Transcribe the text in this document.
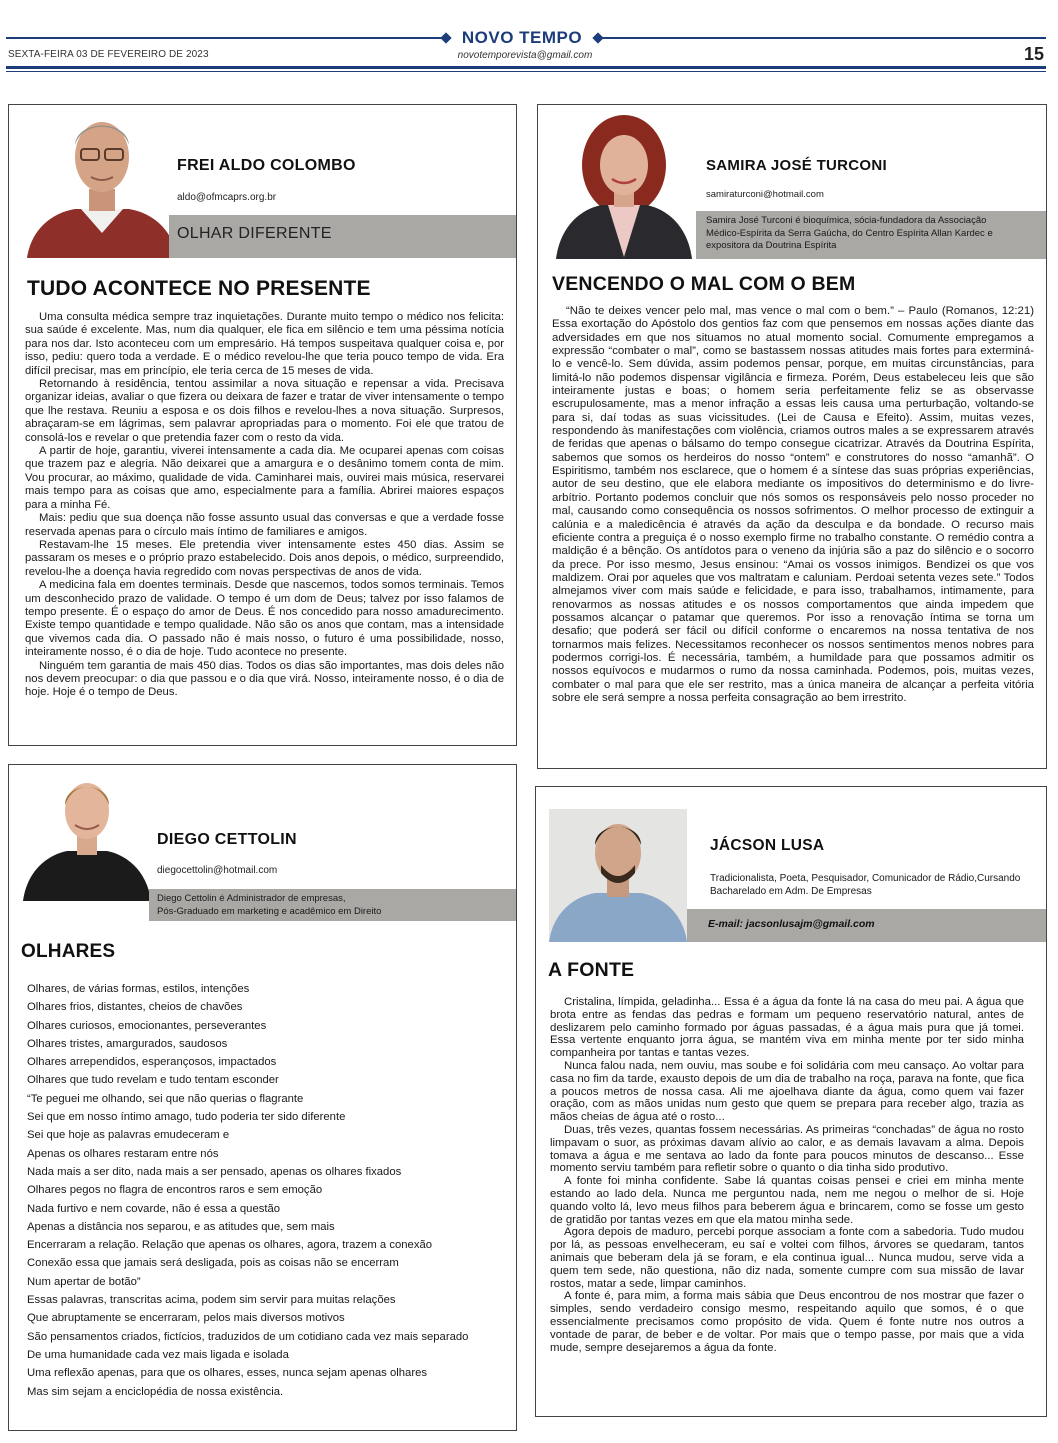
NOVO TEMPO
novotemporevista@gmail.com
SEXTA-FEIRA 03 DE FEVEREIRO DE 2023	15
FREI ALDO COLOMBO
aldo@ofmcaprs.org.br
OLHAR DIFERENTE
TUDO ACONTECE NO PRESENTE

Uma consulta médica sempre traz inquietações. Durante muito tempo o médico nos felicita: sua saúde é excelente. Mas, num dia qualquer, ele fica em silêncio e tem uma péssima notícia para nos dar. Isto aconteceu com um empresário. Há tempos suspeitava qualquer coisa e, por isso, pediu: quero toda a verdade. E o médico revelou-lhe que teria pouco tempo de vida. Era difícil precisar, mas em princípio, ele teria cerca de 15 meses de vida.

Retornando à residência, tentou assimilar a nova situação e repensar a vida. Precisava organizar ideias, avaliar o que fizera ou deixara de fazer e tratar de viver intensamente o tempo que lhe restava. Reuniu a esposa e os dois filhos e revelou-lhes a nova situação. Surpresos, abraçaram-se em lágrimas, sem palavrar apropriadas para o momento. Foi ele que tratou de consolá-los e revelar o que pretendia fazer com o resto da vida.

A partir de hoje, garantiu, viverei intensamente a cada dia. Me ocuparei apenas com coisas que trazem paz e alegria. Não deixarei que a amargura e o desânimo tomem conta de mim. Vou procurar, ao máximo, qualidade de vida. Caminharei mais, ouvirei mais música, reservarei mais tempo para as coisas que amo, especialmente para a família. Abrirei maiores espaços para a minha Fé.

Mais: pediu que sua doença não fosse assunto usual das conversas e que a verdade fosse reservada apenas para o círculo mais íntimo de familiares e amigos.

Restavam-lhe 15 meses. Ele pretendia viver intensamente estes 450 dias. Assim se passaram os meses e o próprio prazo estabelecido. Dois anos depois, o médico, surpreendido, revelou-lhe a doença havia regredido com novas perspectivas de anos de vida.

A medicina fala em doentes terminais. Desde que nascemos, todos somos terminais. Temos um desconhecido prazo de validade. O tempo é um dom de Deus; talvez por isso falamos de tempo presente. É o espaço do amor de Deus. É nos concedido para nosso amadurecimento. Existe tempo quantidade e tempo qualidade. Não são os anos que contam, mas a intensidade que vivemos cada dia. O passado não é mais nosso, o futuro é uma possibilidade, nosso, inteiramente nosso, é o dia de hoje. Tudo acontece no presente.

Ninguém tem garantia de mais 450 dias. Todos os dias são importantes, mas dois deles não nos devem preocupar: o dia que passou e o dia que virá. Nosso, inteiramente nosso, é o dia de hoje. Hoje é o tempo de Deus.

SAMIRA JOSÉ TURCONI
samiraturconi@hotmail.com
Samira José Turconi é bioquímica, sócia-fundadora da Associação Médico-Espírita da Serra Gaúcha, do Centro Espírita Allan Kardec e expositora da Doutrina Espírita
VENCENDO O MAL COM O BEM

“Não te deixes vencer pelo mal, mas vence o mal com o bem.” – Paulo (Romanos, 12:21) Essa exortação do Apóstolo dos gentios faz com que pensemos em nossas ações diante das adversidades em que nos situamos no atual momento social. Comumente empregamos a expressão “combater o mal”, como se bastassem nossas atitudes mais fortes para exterminá-lo e vencê-lo. Sem dúvida, assim podemos pensar, porque, em muitas circunstâncias, para limitá-lo não podemos dispensar vigilância e firmeza. Porém, Deus estabeleceu leis que são inteiramente justas e boas; o homem seria perfeitamente feliz se as observasse escrupulosamente, mas a menor infração a essas leis causa uma perturbação, voltando-se para si, daí todas as suas vicissitudes. (Lei de Causa e Efeito). Assim, muitas vezes, respondendo às manifestações com violência, criamos outros males a se expressarem através de feridas que apenas o bálsamo do tempo consegue cicatrizar. Através da Doutrina Espírita, sabemos que somos os herdeiros do nosso “ontem” e construtores do nosso “amanhã”. O Espiritismo, também nos esclarece, que o homem é a síntese das suas próprias experiências, autor de seu destino, que ele elabora mediante os impositivos do determinismo e do livre-arbítrio. Portanto podemos concluir que nós somos os responsáveis pelo nosso proceder no mal, causando como consequência os nossos sofrimentos. O melhor processo de extinguir a calúnia e a maledicência é através da ação da desculpa e da bondade. O recurso mais eficiente contra a preguiça é o nosso exemplo firme no trabalho constante. O remédio contra a maldição é a bênção. Os antídotos para o veneno da injúria são a paz do silêncio e o socorro da prece. Por isso mesmo, Jesus ensinou: “Amai os vossos inimigos. Bendizei os que vos maldizem. Orai por aqueles que vos maltratam e caluniam. Perdoai setenta vezes sete.” Todos almejamos viver com mais saúde e felicidade, e para isso, trabalhamos, intimamente, para renovarmos as nossas atitudes e os nossos comportamentos que ainda impedem que possamos alcançar o patamar que queremos. Por isso a renovação íntima se torna um desafio; que poderá ser fácil ou difícil conforme o encaremos na nossa tentativa de nos tornarmos mais felizes. Necessitamos reconhecer os nossos sentimentos menos nobres para podermos corrigi-los. É necessária, também, a humildade para que possamos admitir os nossos equívocos e mudarmos o rumo da nossa caminhada. Podemos, pois, muitas vezes, combater o mal para que ele ser restrito, mas a única maneira de alcançar a perfeita vitória sobre ele será sempre a nossa perfeita consagração ao bem irrestrito.

DIEGO CETTOLIN
diegocettolin@hotmail.com
Diego Cettolin é Administrador de empresas,
Pós-Graduado em marketing e acadêmico em Direito
OLHARES
Olhares, de várias formas, estilos, intenções
Olhares frios, distantes, cheios de chavões
Olhares curiosos, emocionantes, perseverantes
Olhares tristes, amargurados, saudosos
Olhares arrependidos, esperançosos, impactados
Olhares que tudo revelam e tudo tentam esconder
“Te peguei me olhando, sei que não querias o flagrante
Sei que em nosso íntimo amago, tudo poderia ter sido diferente
Sei que hoje as palavras emudeceram e
Apenas os olhares restaram entre nós
Nada mais a ser dito, nada mais a ser pensado, apenas os olhares fixados
Olhares pegos no flagra de encontros raros e sem emoção
Nada furtivo e nem covarde, não é essa a questão
Apenas a distância nos separou, e as atitudes que, sem mais
Encerraram a relação. Relação que apenas os olhares, agora, trazem a conexão
Conexão essa que jamais será desligada, pois as coisas não se encerram
Num apertar de botão”
Essas palavras, transcritas acima, podem sim servir para muitas relações
Que abruptamente se encerraram, pelos mais diversos motivos
São pensamentos criados, fictícios, traduzidos de um cotidiano cada vez mais separado
De uma humanidade cada vez mais ligada e isolada
Uma reflexão apenas, para que os olhares, esses, nunca sejam apenas olhares
Mas sim sejam a enciclopédia de nossa existência.
JÁCSON LUSA
Tradicionalista, Poeta, Pesquisador, Comunicador de Rádio,Cursando Bacharelado em Adm. De Empresas
E-mail: jacsonlusajm@gmail.com
A FONTE

Cristalina, límpida, geladinha... Essa é a água da fonte lá na casa do meu pai. A água que brota entre as fendas das pedras e formam um pequeno reservatório natural, antes de deslizarem pelo caminho formado por águas passadas, é a água mais pura que já tomei. Essa vertente enquanto jorra água, se mantém viva em minha mente por ter sido minha companheira por tantas e tantas vezes.

Nunca falou nada, nem ouviu, mas soube e foi solidária com meu cansaço. Ao voltar para casa no fim da tarde, exausto depois de um dia de trabalho na roça, parava na fonte, que fica a poucos metros de nossa casa. Ali me ajoelhava diante da água, como quem vai fazer oração, com as mãos unidas num gesto que quem se prepara para receber algo, trazia as mãos cheias de água até o rosto...

Duas, três vezes, quantas fossem necessárias. As primeiras “conchadas” de água no rosto limpavam o suor, as próximas davam alívio ao calor, e as demais lavavam a alma. Depois tomava a água e me sentava ao lado da fonte para poucos minutos de descanso... Esse momento serviu também para refletir sobre o quanto o dia tinha sido produtivo.

A fonte foi minha confidente. Sabe lá quantas coisas pensei e criei em minha mente estando ao lado dela. Nunca me perguntou nada, nem me negou o melhor de si. Hoje quando volto lá, levo meus filhos para beberem água e brincarem, como se fosse um gesto de gratidão por tantas vezes em que ela matou minha sede.

Agora depois de maduro, percebi porque associam a fonte com a sabedoria. Tudo mudou por lá, as pessoas envelheceram, eu saí e voltei com filhos, árvores se quedaram, tantos animais que beberam dela já se foram, e ela continua igual... Nunca mudou, serve vida a quem tem sede, não questiona, não diz nada, somente cumpre com sua missão de lavar rostos, matar a sede, limpar caminhos.

A fonte é, para mim, a forma mais sábia que Deus encontrou de nos mostrar que fazer o simples, sendo verdadeiro consigo mesmo, respeitando aquilo que somos, é o que essencialmente precisamos como propósito de vida. Quem é fonte nutre nos outros a vontade de parar, de beber e de voltar. Por mais que o tempo passe, por mais que a vida mude, sempre desejaremos a água da fonte.
